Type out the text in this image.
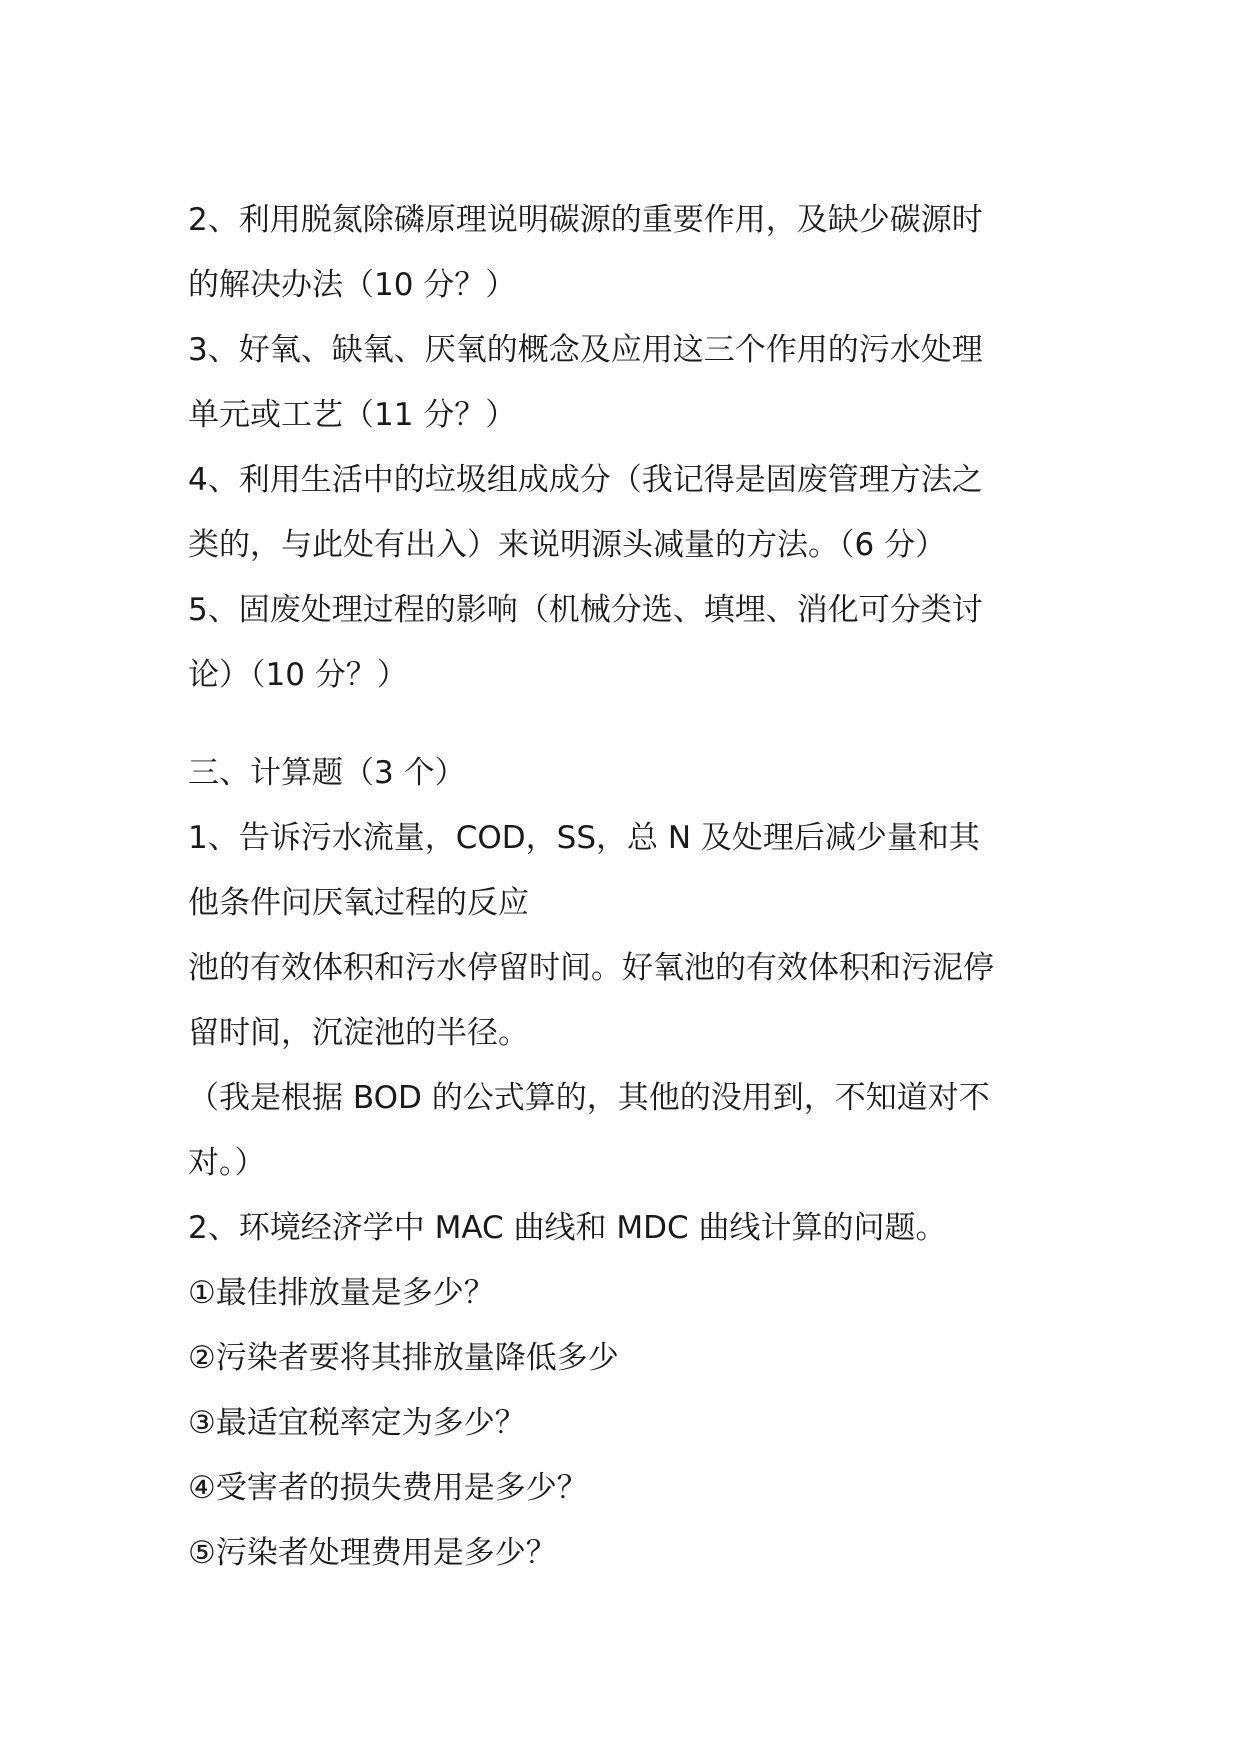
2、利用脱氮除磷原理说明碳源的重要作用，及缺少碳源时

的解决办法（10 分？）

3、好氧、缺氧、厌氧的概念及应用这三个作用的污水处理

单元或工艺（11 分？）

4、利用生活中的垃圾组成成分（我记得是固废管理方法之

类的，与此处有出入）来说明源头减量的方法。（6 分）

5、固废处理过程的影响（机械分选、填埋、消化可分类讨

论）（10 分？）

三、计算题（3 个）

1、告诉污水流量，COD，SS，总 N 及处理后减少量和其

他条件问厌氧过程的反应

池的有效体积和污水停留时间。好氧池的有效体积和污泥停

留时间，沉淀池的半径。

（我是根据 BOD 的公式算的，其他的没用到，不知道对不

对。）

2、环境经济学中 MAC 曲线和 MDC 曲线计算的问题。

①最佳排放量是多少？

②污染者要将其排放量降低多少

③最适宜税率定为多少？

④受害者的损失费用是多少？

⑤污染者处理费用是多少？
